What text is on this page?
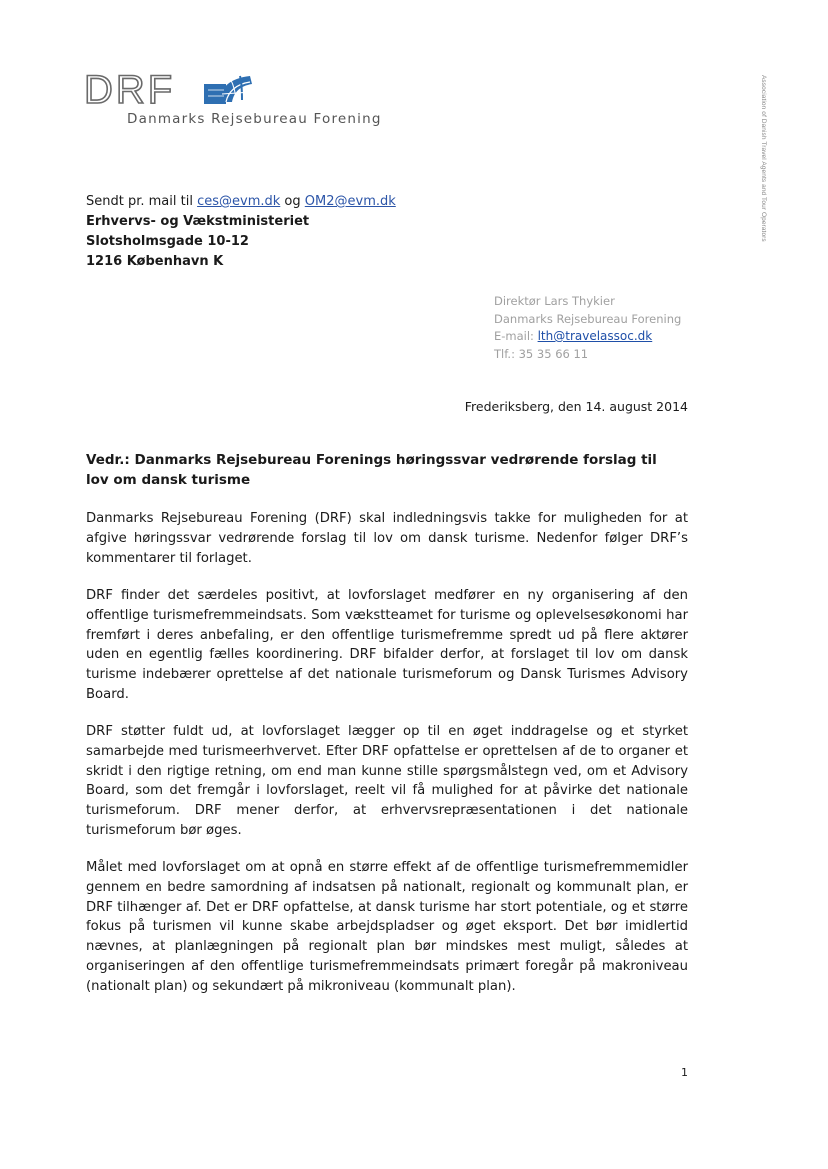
DRF
Danmarks Rejsebureau Forening	Association of Danish Travel Agents and Tour Operators
Sendt pr. mail til ces@evm.dk og OM2@evm.dk
Erhvervs- og Vækstministeriet
Slotsholmsgade 10-12
1216 København K
Direktør Lars Thykier
Danmarks Rejsebureau Forening
E-mail: lth@travelassoc.dk
Tlf.: 35 35 66 11
Frederiksberg, den 14. august 2014

Vedr.: Danmarks Rejsebureau Forenings høringssvar vedrørende forslag til lov om dansk turisme

Danmarks Rejsebureau Forening (DRF) skal indledningsvis takke for muligheden for at afgive høringssvar vedrørende forslag til lov om dansk turisme. Nedenfor følger DRF’s kommentarer til forlaget.

DRF finder det særdeles positivt, at lovforslaget medfører en ny organisering af den offentlige turismefremmeindsats. Som vækstteamet for turisme og oplevelsesøkonomi har fremført i deres anbefaling, er den offentlige turismefremme spredt ud på flere aktører uden en egentlig fælles koordinering. DRF bifalder derfor, at forslaget til lov om dansk turisme indebærer oprettelse af det nationale turismeforum og Dansk Turismes Advisory Board.

DRF støtter fuldt ud, at lovforslaget lægger op til en øget inddragelse og et styrket samarbejde med turismeerhvervet. Efter DRF opfattelse er oprettelsen af de to organer et skridt i den rigtige retning, om end man kunne stille spørgsmålstegn ved, om et Advisory Board, som det fremgår i lovforslaget, reelt vil få mulighed for at påvirke det nationale turismeforum. DRF mener derfor, at erhvervsrepræsentationen i det nationale turismeforum bør øges.

Målet med lovforslaget om at opnå en større effekt af de offentlige turismefremmemidler gennem en bedre samordning af indsatsen på nationalt, regionalt og kommunalt plan, er DRF tilhænger af. Det er DRF opfattelse, at dansk turisme har stort potentiale, og et større fokus på turismen vil kunne skabe arbejdspladser og øget eksport. Det bør imidlertid nævnes, at planlægningen på regionalt plan bør mindskes mest muligt, således at organiseringen af den offentlige turismefremmeindsats primært foregår på makroniveau (nationalt plan) og sekundært på mikroniveau (kommunalt plan).

1
